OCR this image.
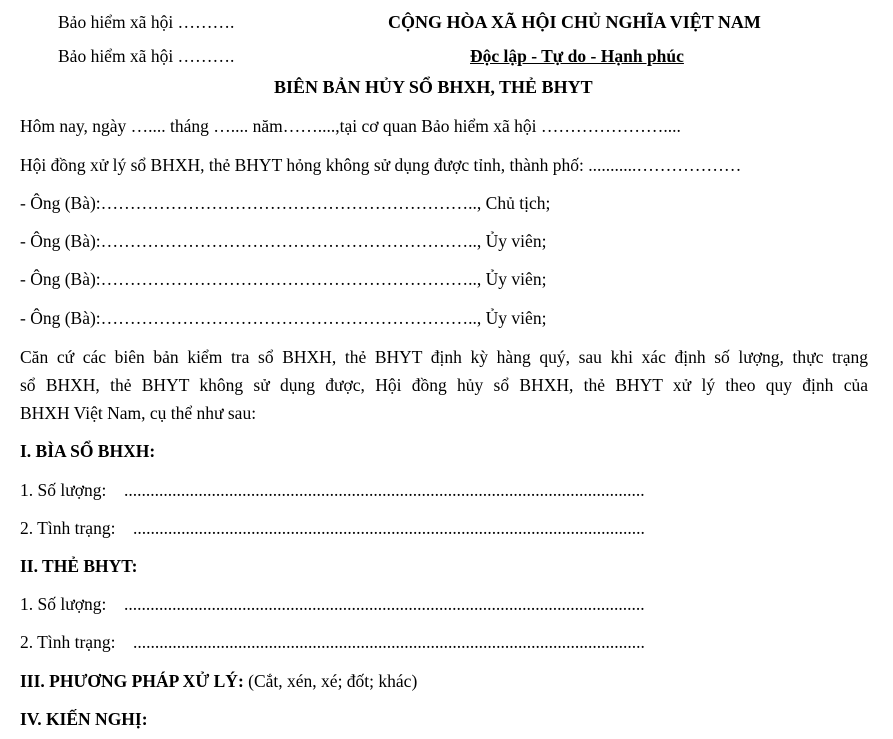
Bảo hiểm xã hội ……….
Bảo hiểm xã hội ……….
CỘNG HÒA XÃ HỘI CHỦ NGHĨA VIỆT NAM
Độc lập - Tự do - Hạnh phúc
BIÊN BẢN HỦY SỔ BHXH, THẺ BHYT
Hôm nay, ngày ….... tháng ….... năm……....,tại cơ quan Bảo hiểm xã hội …………………....
Hội đồng xử lý sổ BHXH, thẻ BHYT hỏng không sử dụng được tỉnh, thành phố: ...........………………
- Ông (Bà):……………………………………………………….., Chủ tịch;
- Ông (Bà):……………………………………………………….., Ủy viên;
- Ông (Bà):……………………………………………………….., Ủy viên;
- Ông (Bà):……………………………………………………….., Ủy viên;
Căn cứ các biên bản kiểm tra sổ BHXH, thẻ BHYT định kỳ hàng quý, sau khi xác định số lượng, thực trạng
sổ BHXH, thẻ BHYT không sử dụng được, Hội đồng hủy sổ BHXH, thẻ BHYT xử lý theo quy định của
BHXH Việt Nam, cụ thể như sau:
I. BÌA SỔ BHXH:
1. Số lượng: .......................................................................................................................
2. Tình trạng: .....................................................................................................................
II. THẺ BHYT:
1. Số lượng: .......................................................................................................................
2. Tình trạng: .....................................................................................................................
III. PHƯƠNG PHÁP XỬ LÝ: (Cắt, xén, xé; đốt; khác)
IV. KIẾN NGHỊ:
